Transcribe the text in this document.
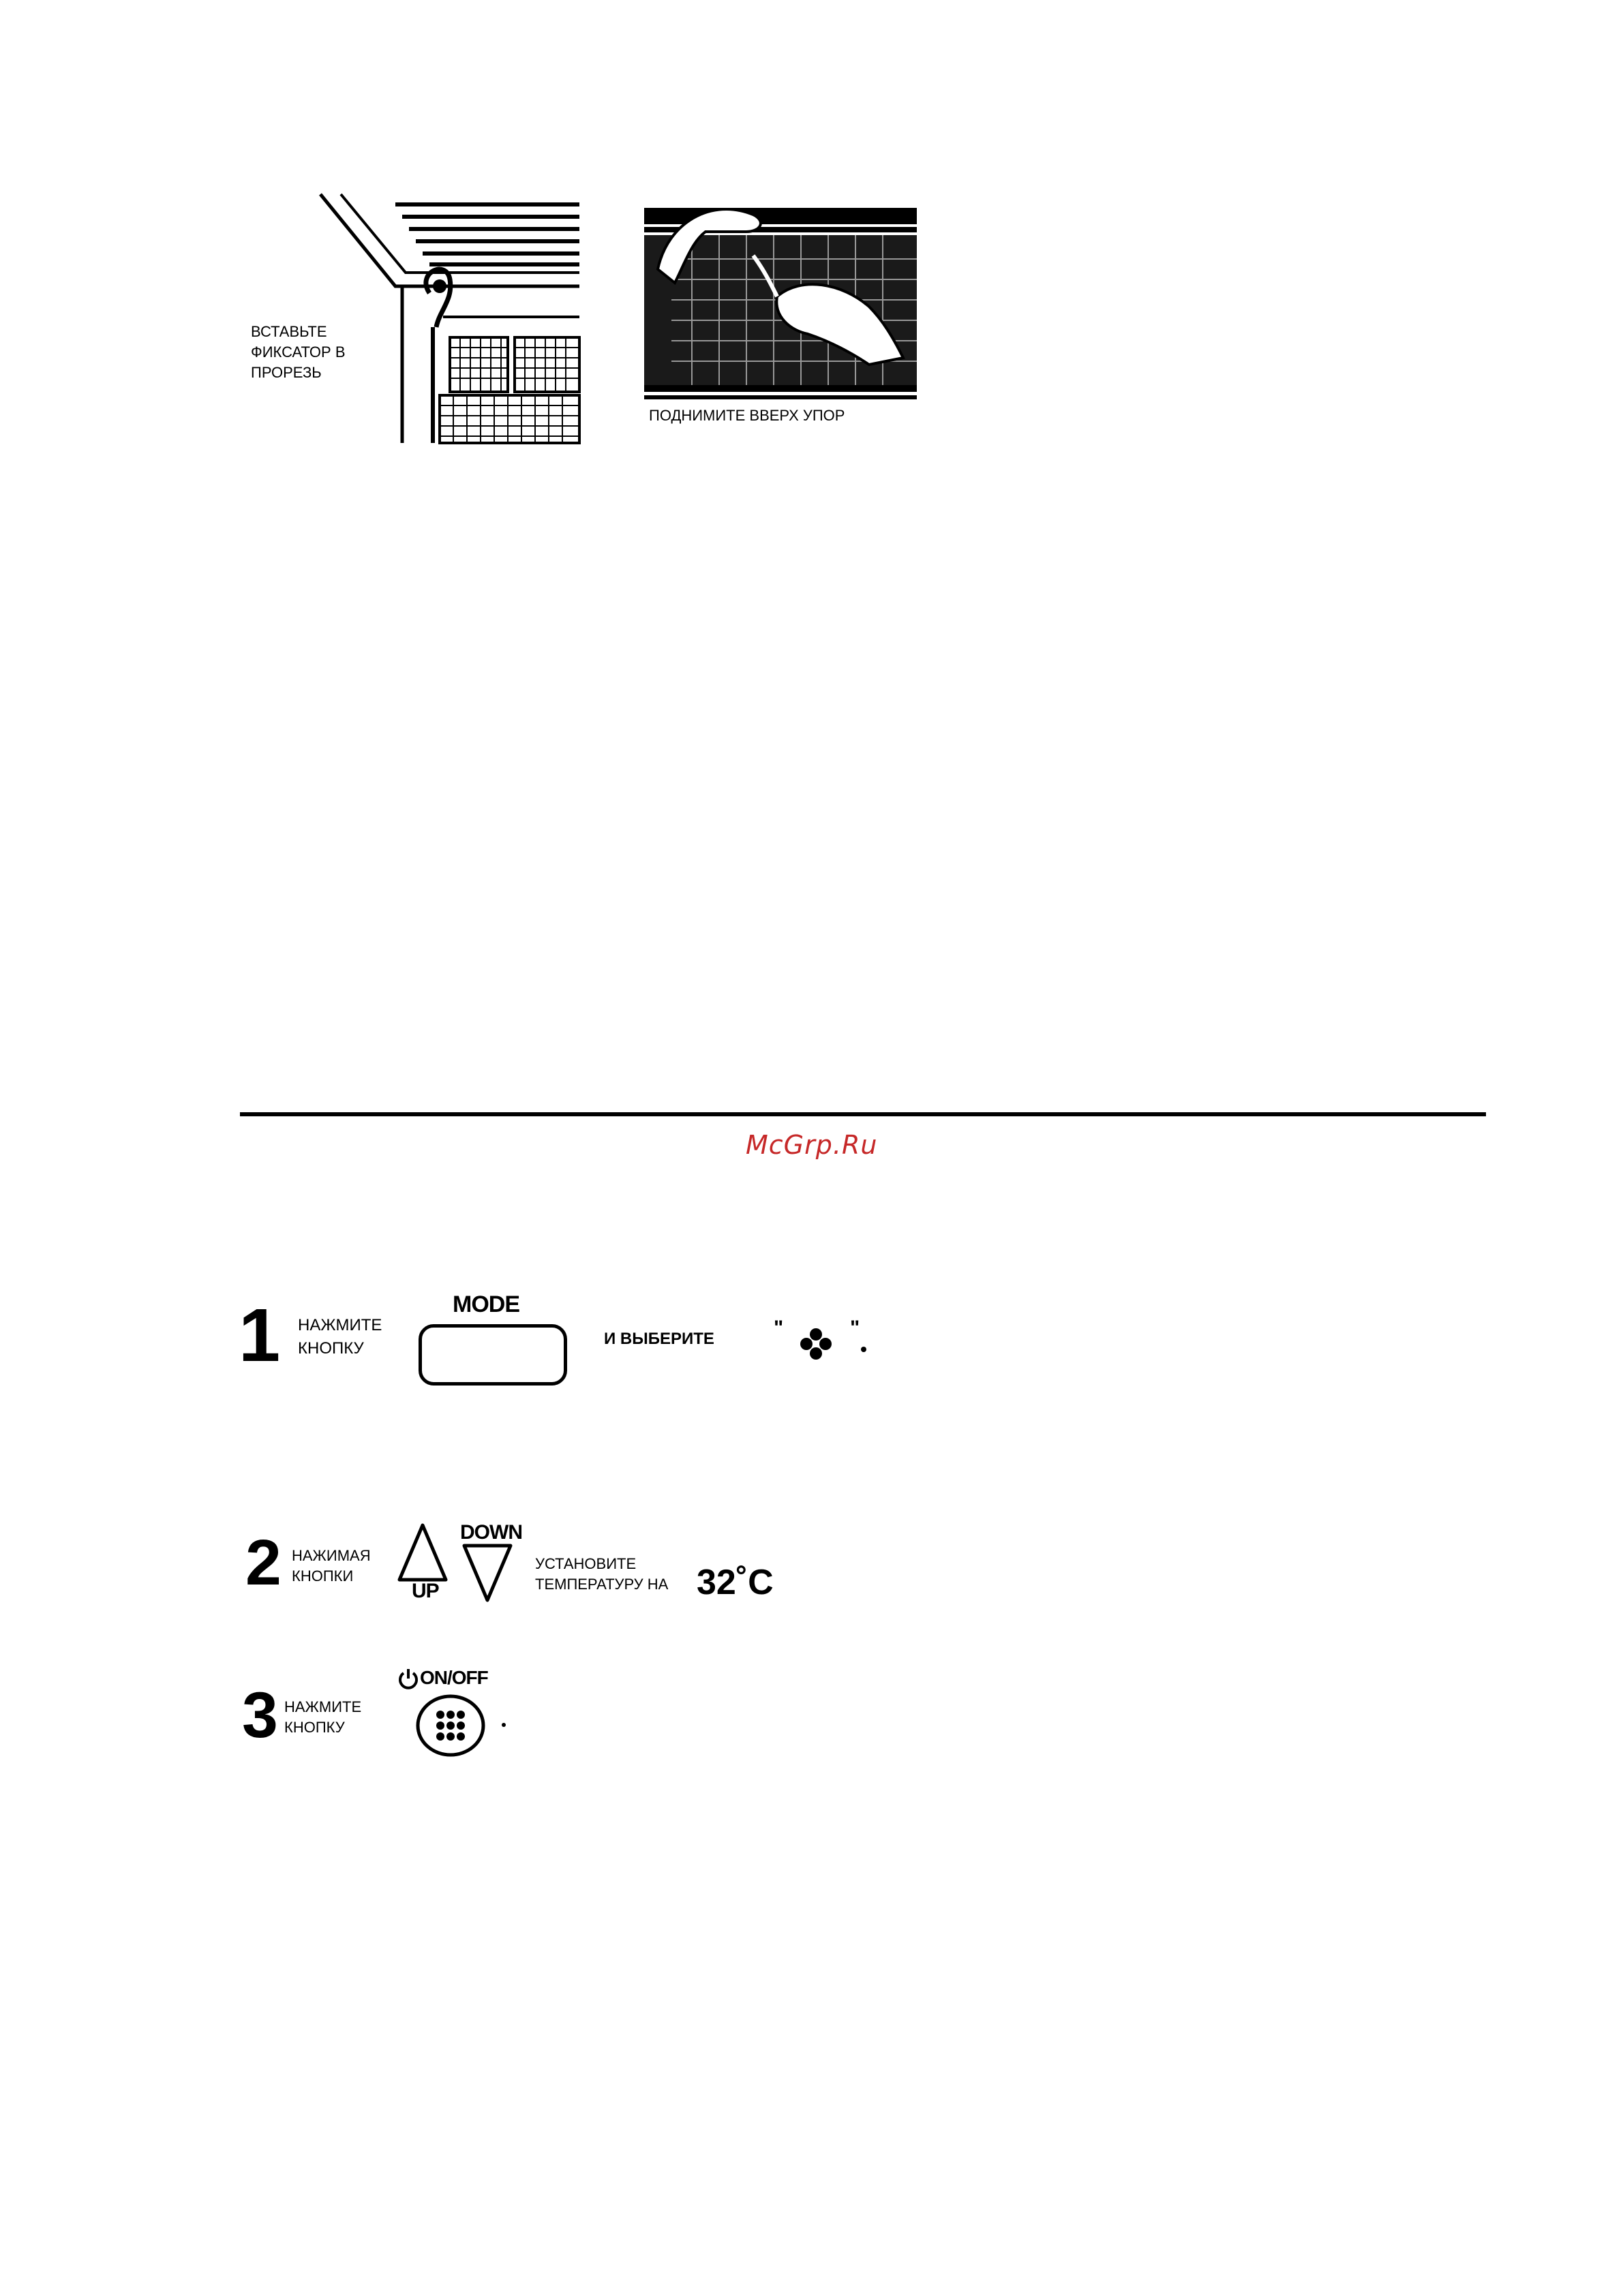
ВСТАВЬТЕ
ФИКСАТОР В
ПРОРЕЗЬ
ПОДНИМИТЕ ВВЕРХ УПОР
McGrp.Ru
1 НАЖМИТЕ
КНОПКУ
MODE
И ВЫБЕРИТЕ	"	"
2 НАЖИМАЯ
КНОПКИ
UP
DOWN
УСТАНОВИТЕ
ТЕМПЕРАТУРУ НА 32˚C
3 НАЖМИТЕ
КНОПКУ
ON/OFF
